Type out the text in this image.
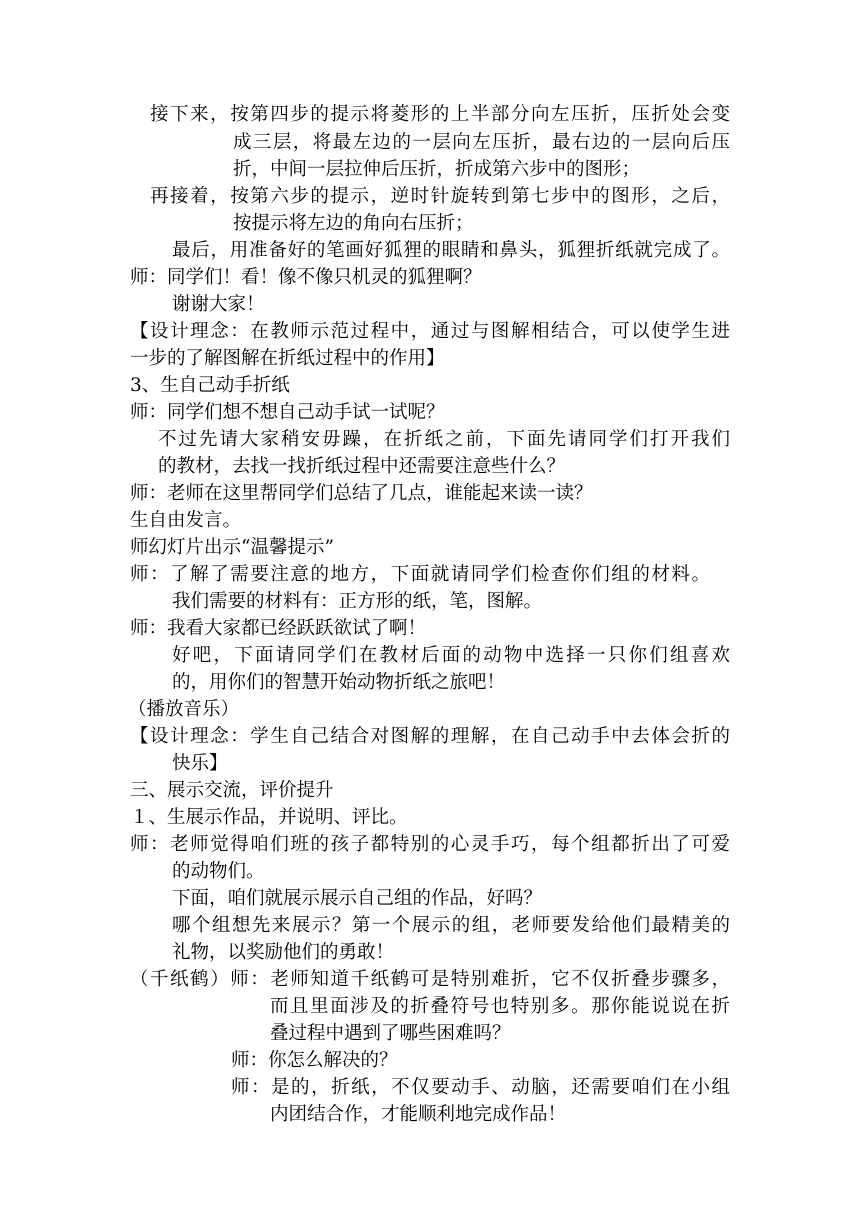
接下来，按第四步的提示将菱形的上半部分向左压折，压折处会变
成三层，将最左边的一层向左压折，最右边的一层向后压
折，中间一层拉伸后压折，折成第六步中的图形；
再接着，按第六步的提示，逆时针旋转到第七步中的图形，之后，
按提示将左边的角向右压折；
最后，用准备好的笔画好狐狸的眼睛和鼻头，狐狸折纸就完成了。
师：同学们！看！像不像只机灵的狐狸啊？
谢谢大家！
【设计理念：在教师示范过程中，通过与图解相结合，可以使学生进
一步的了解图解在折纸过程中的作用】
3、生自己动手折纸
师：同学们想不想自己动手试一试呢？
不过先请大家稍安毋躁，在折纸之前，下面先请同学们打开我们
的教材，去找一找折纸过程中还需要注意些什么？
师：老师在这里帮同学们总结了几点，谁能起来读一读？
生自由发言。
师幻灯片出示“温馨提示”
师：了解了需要注意的地方，下面就请同学们检查你们组的材料。
我们需要的材料有：正方形的纸，笔，图解。
师：我看大家都已经跃跃欲试了啊！
好吧，下面请同学们在教材后面的动物中选择一只你们组喜欢
的，用你们的智慧开始动物折纸之旅吧！
（播放音乐）
【设计理念：学生自己结合对图解的理解，在自己动手中去体会折的
快乐】
三、展示交流，评价提升
１、生展示作品，并说明、评比。
师：老师觉得咱们班的孩子都特别的心灵手巧，每个组都折出了可爱
的动物们。
下面，咱们就展示展示自己组的作品，好吗？
哪个组想先来展示？第一个展示的组，老师要发给他们最精美的
礼物，以奖励他们的勇敢！
（千纸鹤）师：老师知道千纸鹤可是特别难折，它不仅折叠步骤多，
而且里面涉及的折叠符号也特别多。那你能说说在折
叠过程中遇到了哪些困难吗？
师：你怎么解决的？
师：是的，折纸，不仅要动手、动脑，还需要咱们在小组
内团结合作，才能顺利地完成作品！
